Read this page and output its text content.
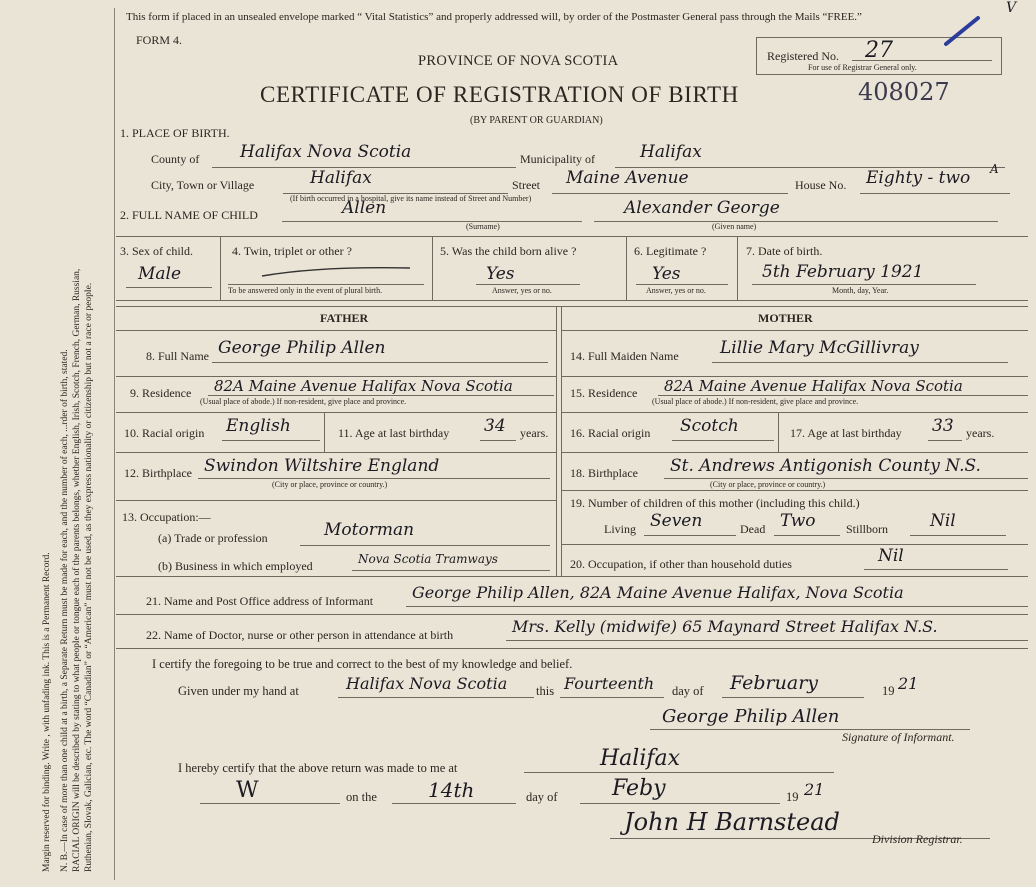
Margin reserved for binding. Write , with unfading ink. This is a Permanent Record. N. B.—In case of more than one child at a birth, a Separate Return must be made for each, and the number of each, ...rder of birth, stated. RACIAL ORIGIN will be described by stating to what people or tongue each of the parents belongs, whether English, Irish, Scotch, French, German, Russian, Ruthenian, Slovak, Galician, etc. The word “Canadian” or “American” must not be used, as they express nationality or citizenship but not a race or people.
This form if placed in an unsealed envelope marked “ Vital Statistics” and properly addressed will, by order of the Postmaster General pass through the Mails “FREE.”
FORM 4.
PROVINCE OF NOVA SCOTIA
CERTIFICATE OF REGISTRATION OF BIRTH
(BY PARENT OR GUARDIAN)
408027
Registered No. 27
For use of Registrar General only.
V
1. PLACE OF BIRTH.
County of Halifax Nova Scotia	Municipality of	Halifax
City, Town or Village	Halifax
(If birth occurred in a hospital, give its name instead of Street and Number)
Street Maine Avenue	House No. Eighty - two A
2. FULL NAME OF CHILD	Allen
(Surname)
Alexander George
(Given name)
3. Sex of child.
Male
4. Twin, triplet or other ?
To be answered only in the event of plural birth.
5. Was the child born alive ?
Yes
Answer, yes or no.
6. Legitimate ?
Yes
Answer, yes or no.
7. Date of birth.
5th February 1921
Month, day, Year.
FATHER	MOTHER
8. Full Name George Philip Allen
9. Residence 82A Maine Avenue Halifax Nova Scotia
(Usual place of abode.) If non-resident, give place and province.
10. Racial origin English	11. Age at last birthday 34 years.
12. Birthplace Swindon Wiltshire England
(City or place, province or country.)
13. Occupation:—
(a) Trade or profession	Motorman
(b) Business in which employed	Nova Scotia Tramways
14. Full Maiden Name Lillie Mary McGillivray
15. Residence 82A Maine Avenue Halifax Nova Scotia
(Usual place of abode.) If non-resident, give place and province.
16. Racial origin Scotch	17. Age at last birthday 33 years.
18. Birthplace St. Andrews Antigonish County N.S.
(City or place, province or country.)
19. Number of children of this mother (including this child.)
Living Seven	Dead Two	Stillborn Nil
20. Occupation, if other than household duties	Nil
21. Name and Post Office address of Informant George Philip Allen, 82A Maine Avenue Halifax, Nova Scotia
22. Name of Doctor, nurse or other person in attendance at birth	Mrs. Kelly (midwife) 65 Maynard Street Halifax N.S.
I certify the foregoing to be true and correct to the best of my knowledge and belief.
Given under my hand at	Halifax Nova Scotia this Fourteenth day of February	19 21
George Philip Allen
Signature of Informant.
I hereby certify that the above return was made to me at	Halifax
W	on the	14th	day of Feby	19 21
John H Barnstead
Division Registrar.
